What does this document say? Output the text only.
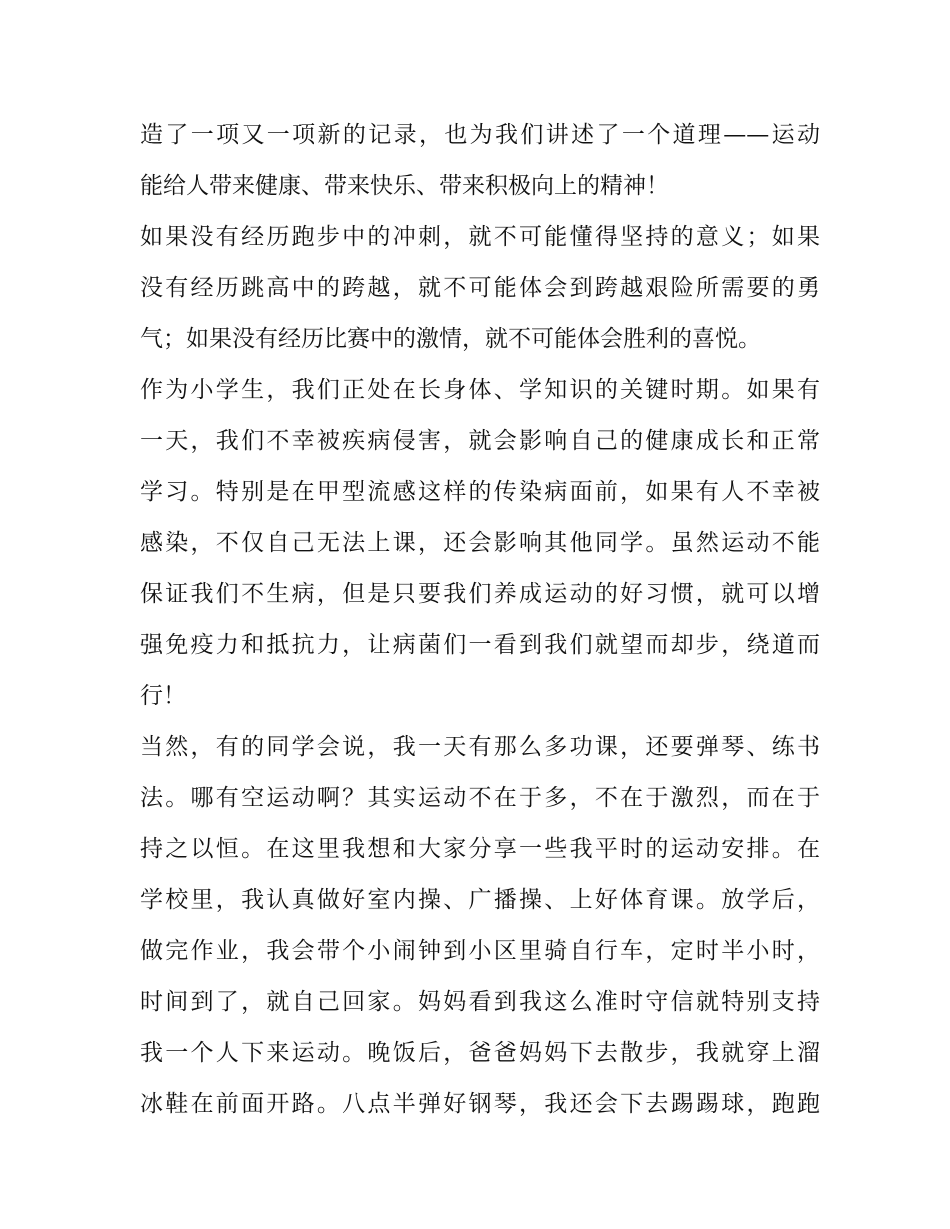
造了一项又一项新的记录，也为我们讲述了一个道理——运动
能给人带来健康、带来快乐、带来积极向上的精神！
如果没有经历跑步中的冲刺，就不可能懂得坚持的意义；如果
没有经历跳高中的跨越，就不可能体会到跨越艰险所需要的勇
气；如果没有经历比赛中的激情，就不可能体会胜利的喜悦。
作为小学生，我们正处在长身体、学知识的关键时期。如果有
一天，我们不幸被疾病侵害，就会影响自己的健康成长和正常
学习。特别是在甲型流感这样的传染病面前，如果有人不幸被
感染，不仅自己无法上课，还会影响其他同学。虽然运动不能
保证我们不生病，但是只要我们养成运动的好习惯，就可以增
强免疫力和抵抗力，让病菌们一看到我们就望而却步，绕道而
行！
当然，有的同学会说，我一天有那么多功课，还要弹琴、练书
法。哪有空运动啊？其实运动不在于多，不在于激烈，而在于
持之以恒。在这里我想和大家分享一些我平时的运动安排。在
学校里，我认真做好室内操、广播操、上好体育课。放学后，
做完作业，我会带个小闹钟到小区里骑自行车，定时半小时，
时间到了，就自己回家。妈妈看到我这么准时守信就特别支持
我一个人下来运动。晚饭后，爸爸妈妈下去散步，我就穿上溜
冰鞋在前面开路。八点半弹好钢琴，我还会下去踢踢球，跑跑
